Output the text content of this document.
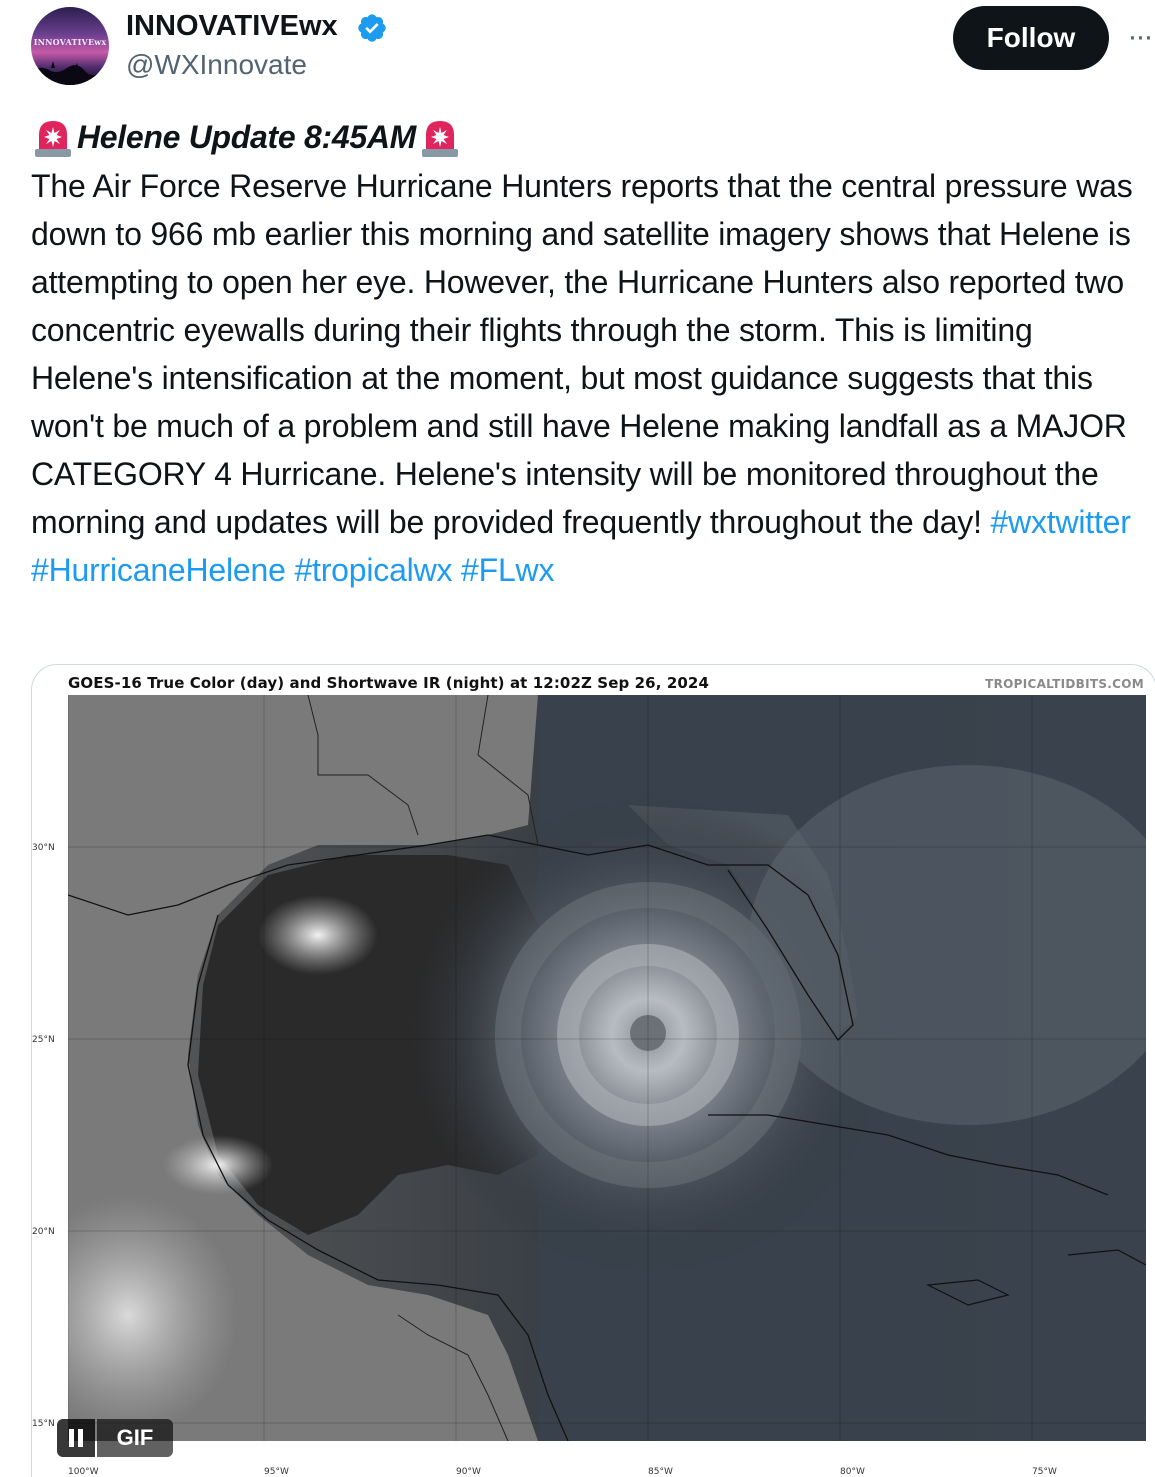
INNOVATIVEwx INNOVATIVEwx
@WXInnovate
Follow	···
Helene Update 8:45AM
The Air Force Reserve Hurricane Hunters reports that the central pressure was down to 966 mb earlier this morning and satellite imagery shows that Helene is attempting to open her eye. However, the Hurricane Hunters also reported two concentric eyewalls during their flights through the storm. This is limiting Helene's intensification at the moment, but most guidance suggests that this won't be much of a problem and still have Helene making landfall as a MAJOR CATEGORY 4 Hurricane. Helene's intensity will be monitored throughout the morning and updates will be provided frequently throughout the day! #wxtwitter #HurricaneHelene #tropicalwx #FLwx
GOES-16 True Color (day) and Shortwave IR (night) at 12:02Z Sep 26, 2024	TROPICALTIDBITS.COM
30°N
25°N
20°N
15°N
100°W	95°W	90°W	85°W	80°W	75°W
GIF
